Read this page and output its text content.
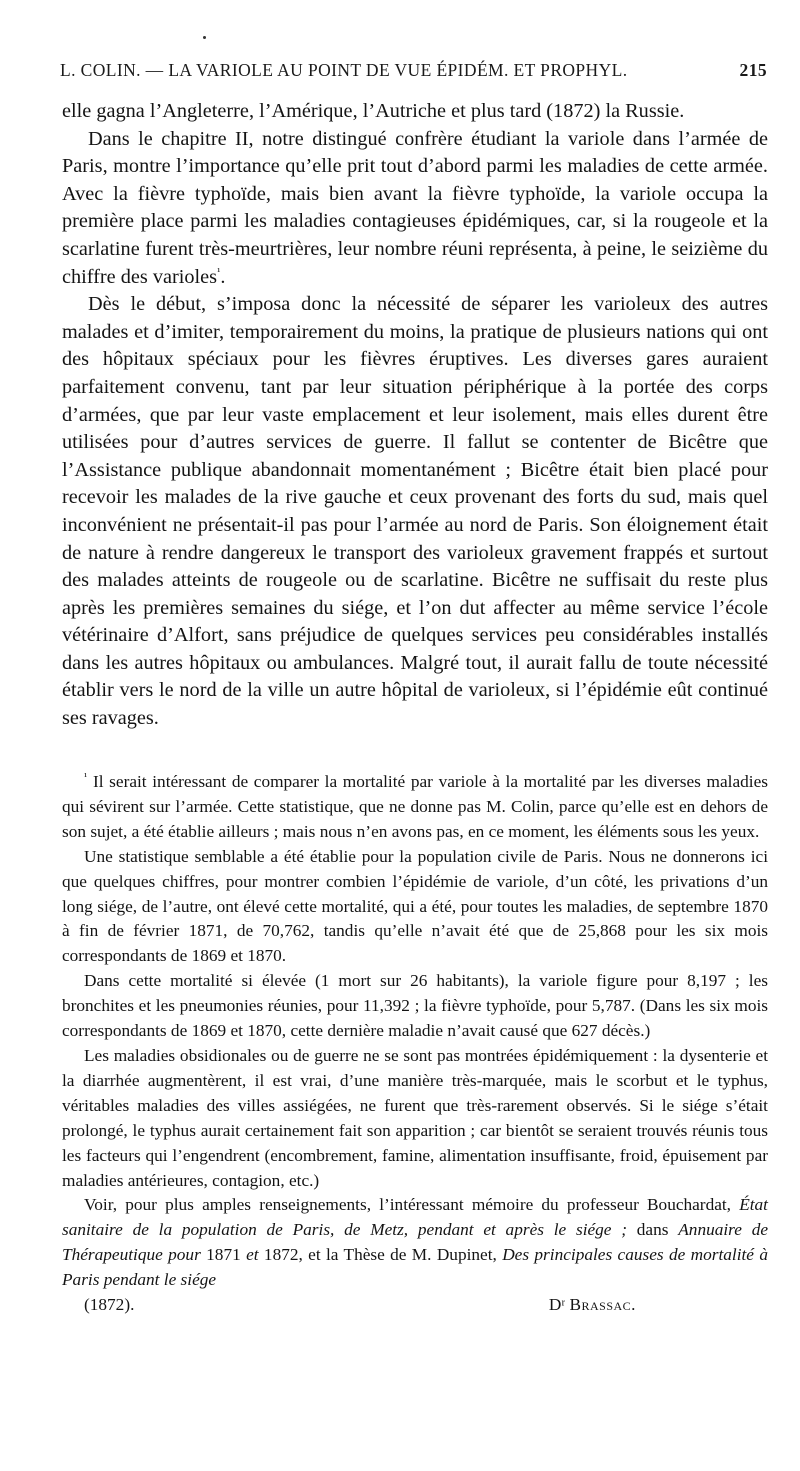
L. COLIN. — LA VARIOLE AU POINT DE VUE ÉPIDÉM. ET PROPHYL.	215

elle gagna l’Angleterre, l’Amérique, l’Autriche et plus tard (1872) la Russie.

Dans le chapitre II, notre distingué confrère étudiant la variole dans l’armée de Paris, montre l’importance qu’elle prit tout d’abord parmi les maladies de cette armée. Avec la fièvre typhoïde, mais bien avant la fièvre typhoïde, la variole occupa la première place parmi les maladies contagieuses épidémiques, car, si la rougeole et la scarlatine furent très-meurtrières, leur nombre réuni représenta, à peine, le seizième du chiffre des varioles$^{^1}$.

Dès le début, s’imposa donc la nécessité de séparer les varioleux des autres malades et d’imiter, temporairement du moins, la pratique de plusieurs nations qui ont des hôpitaux spéciaux pour les fièvres éruptives. Les diverses gares auraient parfaitement convenu, tant par leur situation périphérique à la portée des corps d’armées, que par leur vaste emplacement et leur isolement, mais elles durent être utilisées pour d’autres services de guerre. Il fallut se contenter de Bicêtre que l’Assistance publique abandonnait momentanément ; Bicêtre était bien placé pour recevoir les malades de la rive gauche et ceux provenant des forts du sud, mais quel inconvénient ne présentait-il pas pour l’armée au nord de Paris. Son éloignement était de nature à rendre dangereux le transport des varioleux gravement frappés et surtout des malades atteints de rougeole ou de scarlatine. Bicêtre ne suffisait du reste plus après les premières semaines du siége, et l’on dut affecter au même service l’école vétérinaire d’Alfort, sans préjudice de quelques services peu considérables installés dans les autres hôpitaux ou ambulances. Malgré tout, il aurait fallu de toute nécessité établir vers le nord de la ville un autre hôpital de varioleux, si l’épidémie eût continué ses ravages.

$^{^1}$ Il serait intéressant de comparer la mortalité par variole à la mortalité par les diverses maladies qui sévirent sur l’armée. Cette statistique, que ne donne pas M. Colin, parce qu’elle est en dehors de son sujet, a été établie ailleurs ; mais nous n’en avons pas, en ce moment, les éléments sous les yeux.

Une statistique semblable a été établie pour la population civile de Paris. Nous ne donnerons ici que quelques chiffres, pour montrer combien l’épidémie de variole, d’un côté, les privations d’un long siége, de l’autre, ont élevé cette mortalité, qui a été, pour toutes les maladies, de septembre 1870 à fin de février 1871, de 70,762, tandis qu’elle n’avait été que de 25,868 pour les six mois correspondants de 1869 et 1870.

Dans cette mortalité si élevée (1 mort sur 26 habitants), la variole figure pour 8,197 ; les bronchites et les pneumonies réunies, pour 11,392 ; la fièvre typhoïde, pour 5,787. (Dans les six mois correspondants de 1869 et 1870, cette dernière maladie n’avait causé que 627 décès.)

Les maladies obsidionales ou de guerre ne se sont pas montrées épidémiquement : la dysenterie et la diarrhée augmentèrent, il est vrai, d’une manière très-marquée, mais le scorbut et le typhus, véritables maladies des villes assiégées, ne furent que très-rarement observés. Si le siége s’était prolongé, le typhus aurait certainement fait son apparition ; car bientôt se seraient trouvés réunis tous les facteurs qui l’engendrent (encombrement, famine, alimentation insuffisante, froid, épuisement par maladies antérieures, contagion, etc.)

Voir, pour plus amples renseignements, l’intéressant mémoire du professeur Bouchardat, État sanitaire de la population de Paris, de Metz, pendant et après le siége ; dans Annuaire de Thérapeutique pour 1871 et 1872, et la Thèse de M. Dupinet, Des principales causes de mortalité à Paris pendant le siége
(1872).	Dʳ Brassac.
